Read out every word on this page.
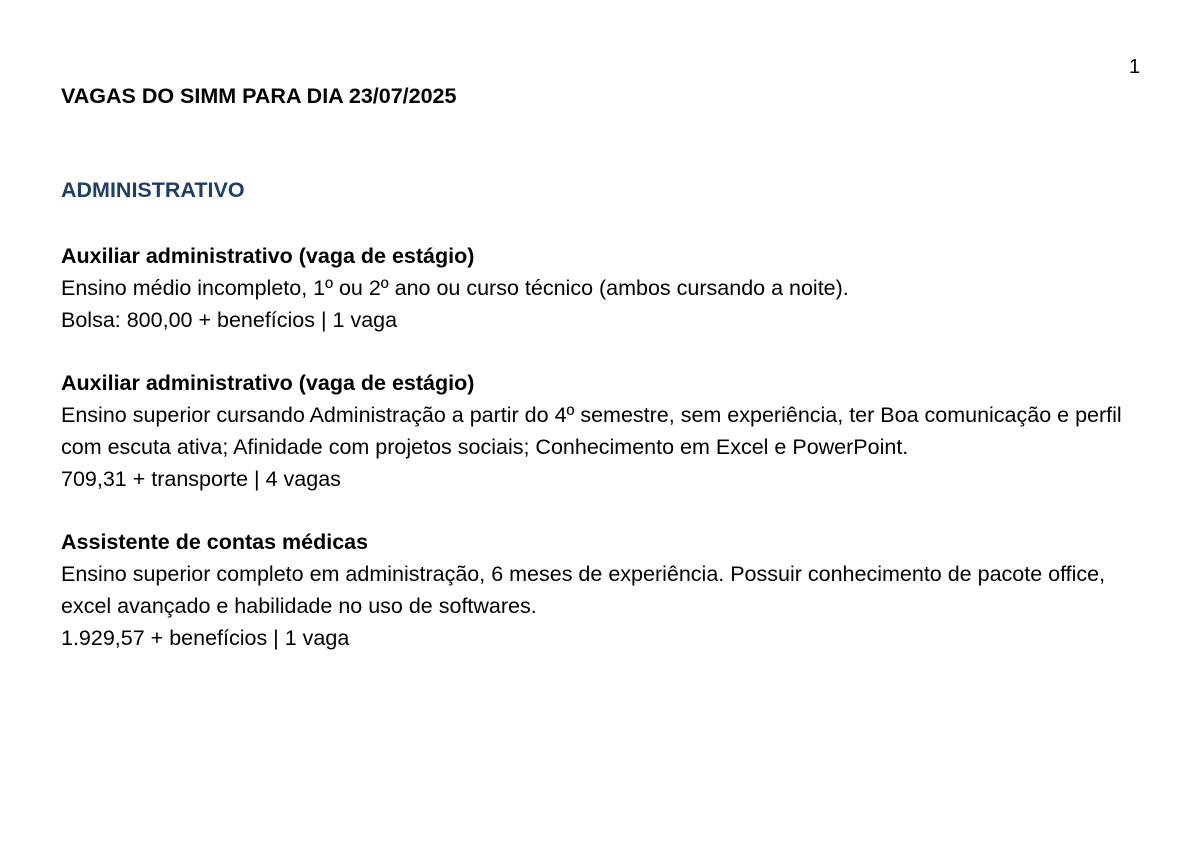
1
VAGAS DO SIMM PARA DIA 23/07/2025
ADMINISTRATIVO

Auxiliar administrativo (vaga de estágio)

Ensino médio incompleto, 1º ou 2º ano ou curso técnico (ambos cursando a noite).

Bolsa: 800,00 + benefícios | 1 vaga

Auxiliar administrativo (vaga de estágio)

Ensino superior cursando Administração a partir do 4º semestre, sem experiência, ter Boa comunicação e perfil com escuta ativa; Afinidade com projetos sociais; Conhecimento em Excel e PowerPoint.

709,31 + transporte | 4 vagas

Assistente de contas médicas

Ensino superior completo em administração, 6 meses de experiência. Possuir conhecimento de pacote office, excel avançado e habilidade no uso de softwares.

1.929,57 + benefícios | 1 vaga
